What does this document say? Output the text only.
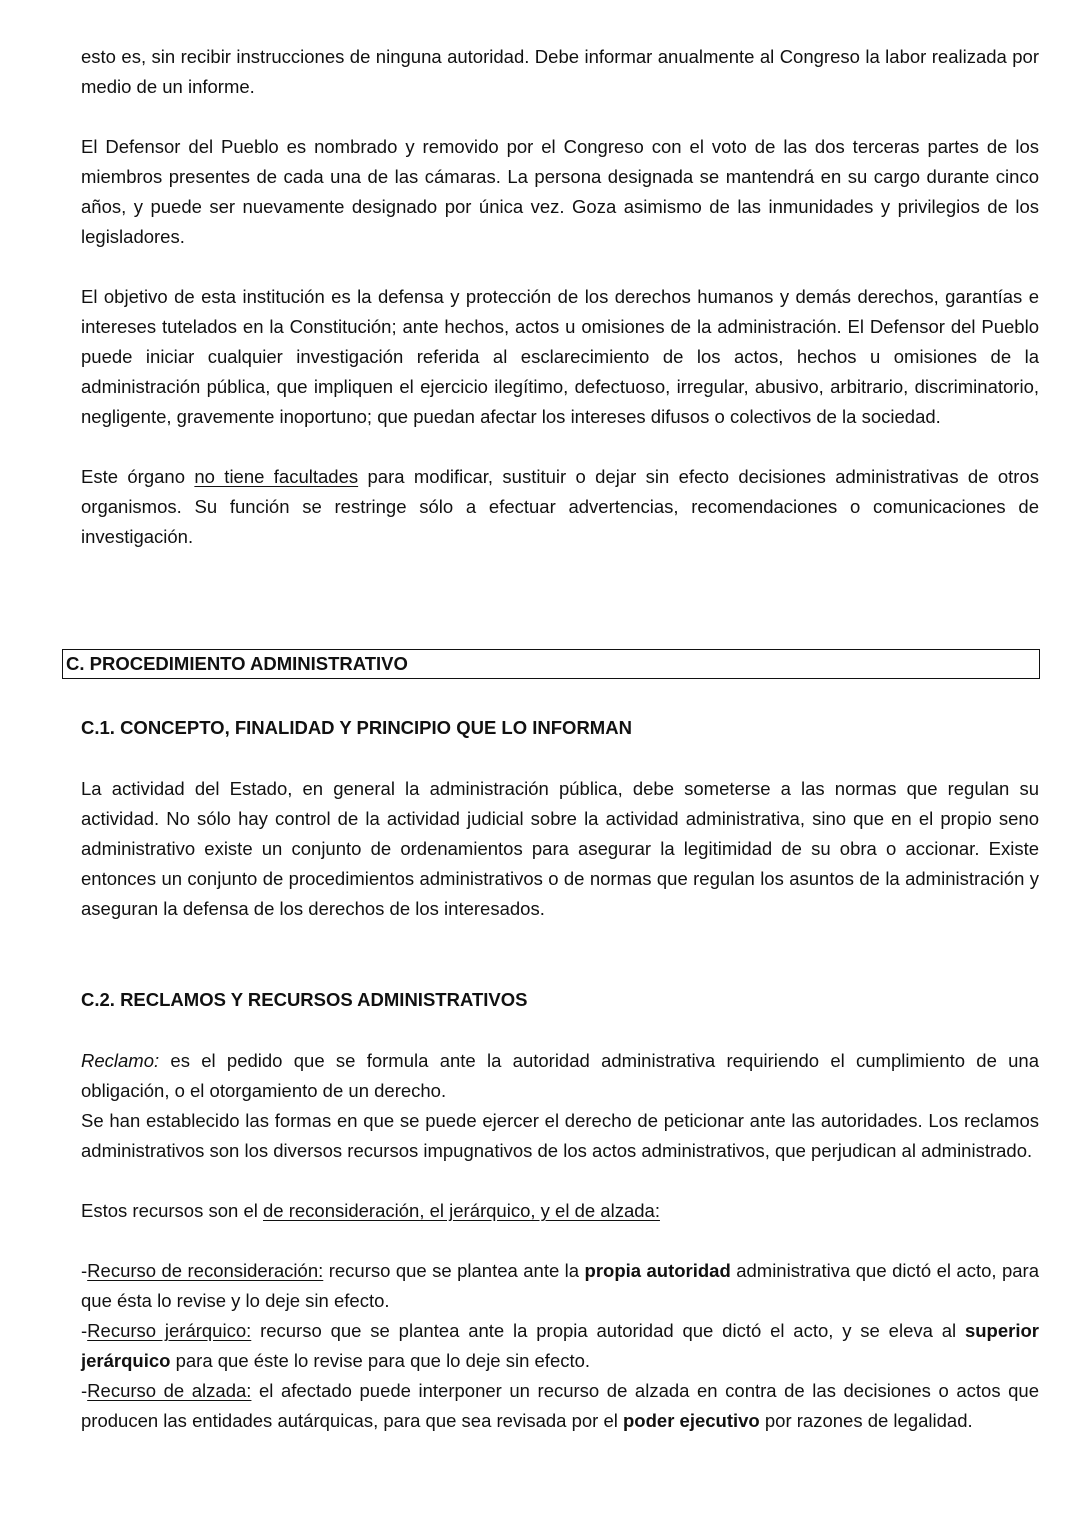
esto es, sin recibir instrucciones de ninguna autoridad. Debe informar anualmente al Congreso la labor realizada por medio de un informe.

El Defensor del Pueblo es nombrado y removido por el Congreso con el voto de las dos terceras partes de los miembros presentes de cada una de las cámaras. La persona designada se mantendrá en su cargo durante cinco años, y puede ser nuevamente designado por única vez. Goza asimismo de las inmunidades y privilegios de los legisladores.

El objetivo de esta institución es la defensa y protección de los derechos humanos y demás derechos, garantías e intereses tutelados en la Constitución; ante hechos, actos u omisiones de la administración. El Defensor del Pueblo puede iniciar cualquier investigación referida al esclarecimiento de los actos, hechos u omisiones de la administración pública, que impliquen el ejercicio ilegítimo, defectuoso, irregular, abusivo, arbitrario, discriminatorio, negligente, gravemente inoportuno; que puedan afectar los intereses difusos o colectivos de la sociedad.

Este órgano no tiene facultades para modificar, sustituir o dejar sin efecto decisiones administrativas de otros organismos. Su función se restringe sólo a efectuar advertencias, recomendaciones o comunicaciones de investigación.

C. PROCEDIMIENTO ADMINISTRATIVO
C.1. CONCEPTO, FINALIDAD Y PRINCIPIO QUE LO INFORMAN

La actividad del Estado, en general la administración pública, debe someterse a las normas que regulan su actividad. No sólo hay control de la actividad judicial sobre la actividad administrativa, sino que en el propio seno administrativo existe un conjunto de ordenamientos para asegurar la legitimidad de su obra o accionar. Existe entonces un conjunto de procedimientos administrativos o de normas que regulan los asuntos de la administración y aseguran la defensa de los derechos de los interesados.

C.2. RECLAMOS Y RECURSOS ADMINISTRATIVOS

Reclamo: es el pedido que se formula ante la autoridad administrativa requiriendo el cumplimiento de una obligación, o el otorgamiento de un derecho.

Se han establecido las formas en que se puede ejercer el derecho de peticionar ante las autoridades. Los reclamos administrativos son los diversos recursos impugnativos de los actos administrativos, que perjudican al administrado.

Estos recursos son el de reconsideración, el jerárquico, y el de alzada:

-Recurso de reconsideración: recurso que se plantea ante la propia autoridad administrativa que dictó el acto, para que ésta lo revise y lo deje sin efecto.

-Recurso jerárquico: recurso que se plantea ante la propia autoridad que dictó el acto, y se eleva al superior jerárquico para que éste lo revise para que lo deje sin efecto.

-Recurso de alzada: el afectado puede interponer un recurso de alzada en contra de las decisiones o actos que producen las entidades autárquicas, para que sea revisada por el poder ejecutivo por razones de legalidad.
